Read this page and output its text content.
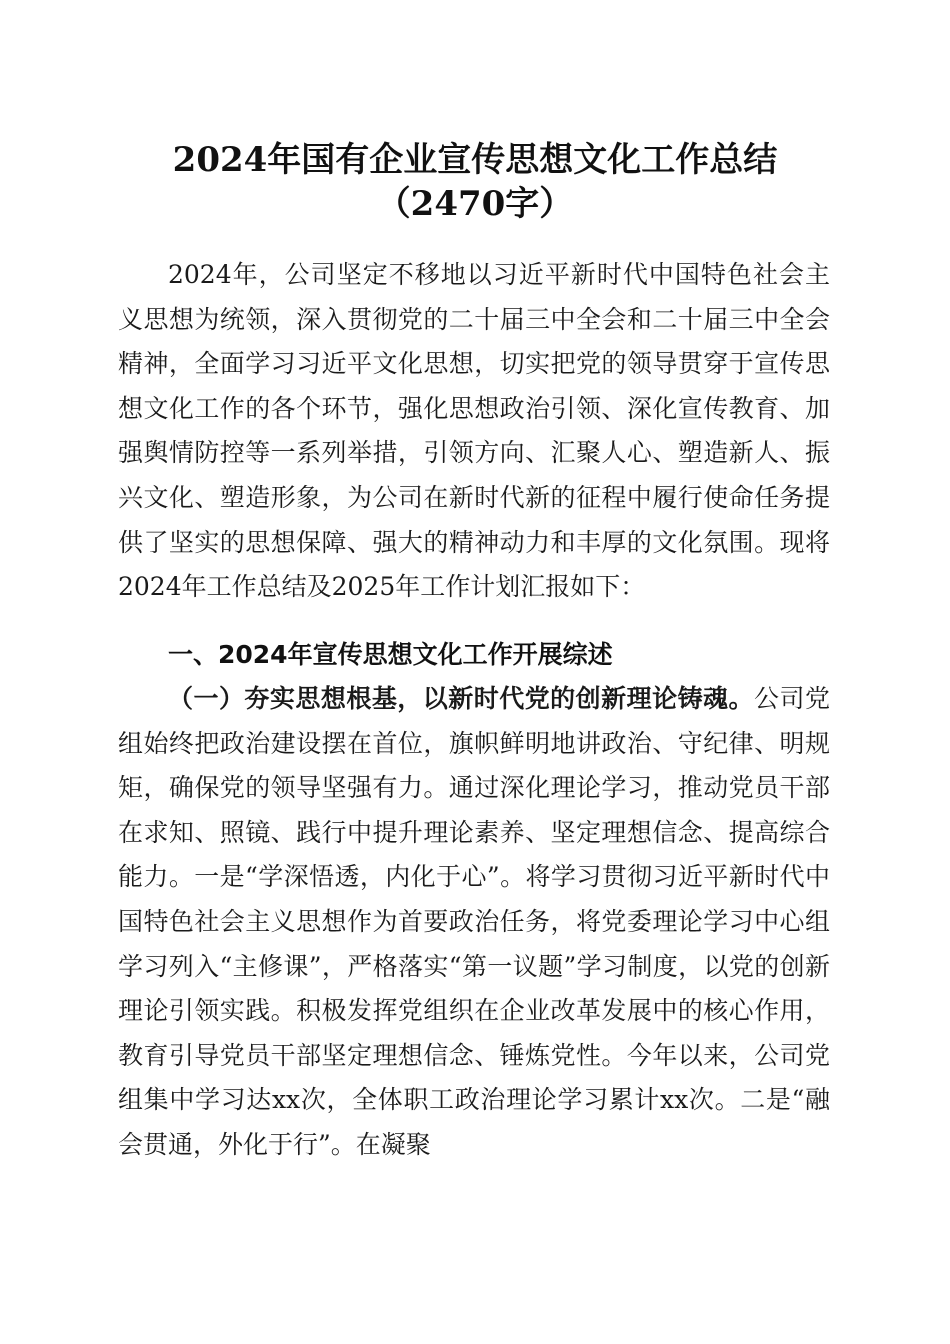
2024年国有企业宣传思想文化工作总结
（2470字）
2024年，公司坚定不移地以习近平新时代中国特色社会主义思想为统领，深入贯彻党的二十届三中全会和二十届三中全会精神，全面学习习近平文化思想，切实把党的领导贯穿于宣传思想文化工作的各个环节，强化思想政治引领、深化宣传教育、加强舆情防控等一系列举措，引领方向、汇聚人心、塑造新人、振兴文化、塑造形象，为公司在新时代新的征程中履行使命任务提供了坚实的思想保障、强大的精神动力和丰厚的文化氛围。现将2024年工作总结及2025年工作计划汇报如下：
一、2024年宣传思想文化工作开展综述
（一）夯实思想根基，以新时代党的创新理论铸魂。公司党组始终把政治建设摆在首位，旗帜鲜明地讲政治、守纪律、明规矩，确保党的领导坚强有力。通过深化理论学习，推动党员干部在求知、照镜、践行中提升理论素养、坚定理想信念、提高综合能力。一是“学深悟透，内化于心”。将学习贯彻习近平新时代中国特色社会主义思想作为首要政治任务，将党委理论学习中心组学习列入“主修课”，严格落实“第一议题”学习制度，以党的创新理论引领实践。积极发挥党组织在企业改革发展中的核心作用，教育引导党员干部坚定理想信念、锤炼党性。今年以来，公司党组集中学习达xx次，全体职工政治理论学习累计xx次。二是“融会贯通，外化于行”。在凝聚
